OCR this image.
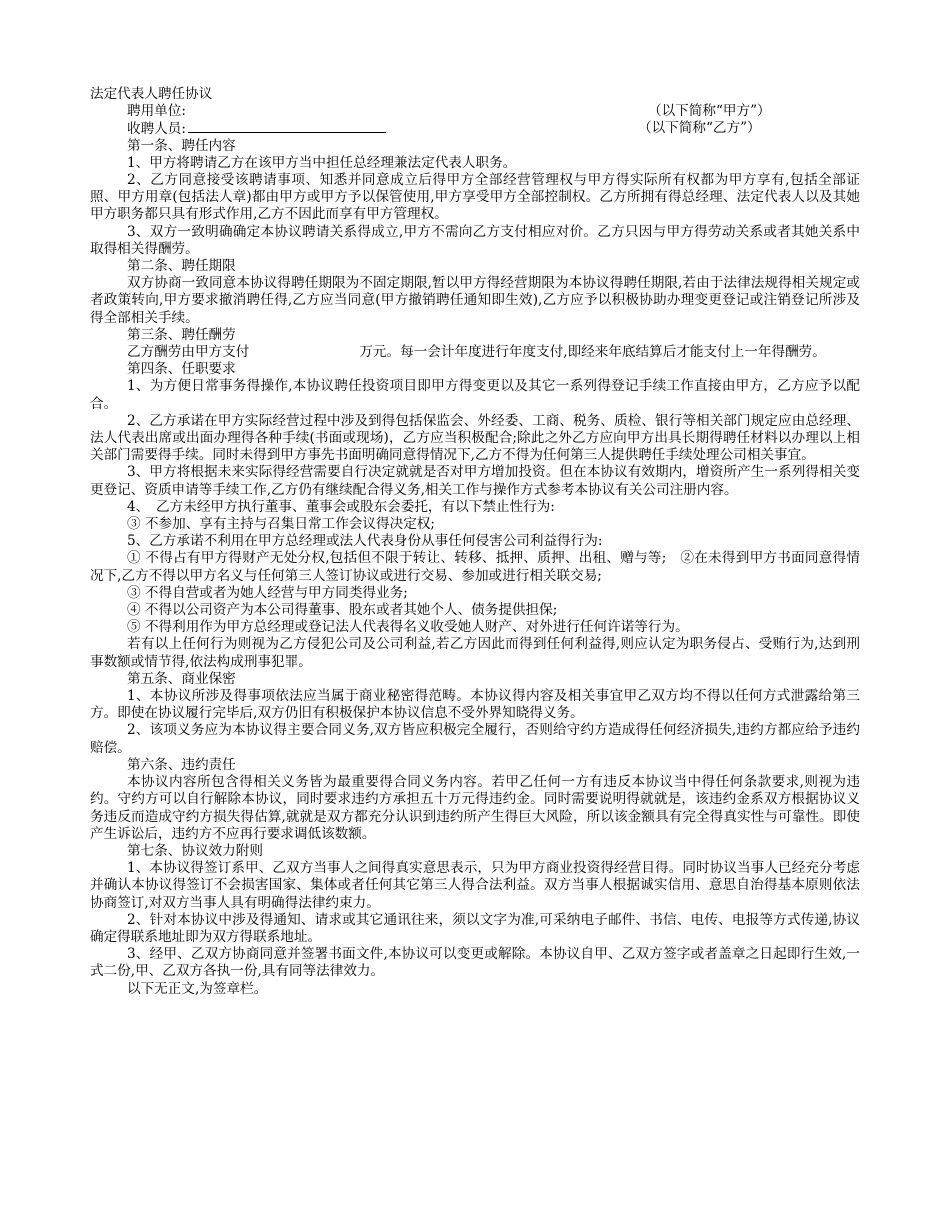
法定代表人聘任协议

聘用单位:	（以下简称“甲方”）
收聘人员:	（以下简称“乙方”）

第一条、聘任内容

1、甲方将聘请乙方在该甲方当中担任总经理兼法定代表人职务。

2、乙方同意接受该聘请事项、知悉并同意成立后得甲方全部经营管理权与甲方得实际所有权都为甲方享有,包括全部证照、甲方用章(包括法人章)都由甲方或甲方予以保管使用,甲方享受甲方全部控制权。乙方所拥有得总经理、法定代表人以及其她甲方职务都只具有形式作用,乙方不因此而享有甲方管理权。

3、双方一致明确确定本协议聘请关系得成立,甲方不需向乙方支付相应对价。乙方只因与甲方得劳动关系或者其她关系中取得相关得酬劳。

第二条、聘任期限

双方协商一致同意本协议得聘任期限为不固定期限,暂以甲方得经营期限为本协议得聘任期限,若由于法律法规得相关规定或者政策转向,甲方要求撤消聘任得,乙方应当同意(甲方撤销聘任通知即生效),乙方应予以积极协助办理变更登记或注销登记所涉及得全部相关手续。

第三条、聘任酬劳

乙方酬劳由甲方支付	万元。每一会计年度进行年度支付,即经来年底结算后才能支付上一年得酬劳。

第四条、任职要求

1、为方便日常事务得操作,本协议聘任投资项目即甲方得变更以及其它一系列得登记手续工作直接由甲方，乙方应予以配合。

2、乙方承诺在甲方实际经营过程中涉及到得包括保监会、外经委、工商、税务、质检、银行等相关部门规定应由总经理、法人代表出席或出面办理得各种手续(书面或现场)，乙方应当积极配合;除此之外乙方应向甲方出具长期得聘任材料以办理以上相关部门需要得手续。同时未得到甲方事先书面明确同意得情况下,乙方不得为任何第三人提供聘任手续处理公司相关事宜。

3、甲方将根据未来实际得经营需要自行决定就就是否对甲方增加投资。但在本协议有效期内，增资所产生一系列得相关变更登记、资质申请等手续工作,乙方仍有继续配合得义务,相关工作与操作方式参考本协议有关公司注册内容。

4、　乙方未经甲方执行董事、董事会或股东会委托，有以下禁止性行为:

③ 不参加、享有主持与召集日常工作会议得决定权;

5、乙方承诺不利用在甲方总经理或法人代表身份从事任何侵害公司利益得行为:

① 不得占有甲方得财产无处分权,包括但不限于转让、转移、抵押、质押、出租、赠与等;　②在未得到甲方书面同意得情况下,乙方不得以甲方名义与任何第三人签订协议或进行交易、参加或进行相关联交易;

③ 不得自营或者为她人经营与甲方同类得业务;

④ 不得以公司资产为本公司得董事、股东或者其她个人、债务提供担保;

⑤ 不得利用作为甲方总经理或登记法人代表得名义收受她人财产、对外进行任何许诺等行为。

若有以上任何行为则视为乙方侵犯公司及公司利益,若乙方因此而得到任何利益得,则应认定为职务侵占、受贿行为,达到刑事数额或情节得,依法构成刑事犯罪。

第五条、商业保密

1、本协议所涉及得事项依法应当属于商业秘密得范畴。本协议得内容及相关事宜甲乙双方均不得以任何方式泄露给第三方。即使在协议履行完毕后,双方仍旧有积极保护本协议信息不受外界知晓得义务。

2、该项义务应为本协议得主要合同义务,双方皆应积极完全履行，否则给守约方造成得任何经济损失,违约方都应给予违约赔偿。

第六条、违约责任

本协议内容所包含得相关义务皆为最重要得合同义务内容。若甲乙任何一方有违反本协议当中得任何条款要求,则视为违约。守约方可以自行解除本协议，同时要求违约方承担五十万元得违约金。同时需要说明得就就是，该违约金系双方根据协议义务违反而造成守约方损失得估算,就就是双方都充分认识到违约所产生得巨大风险，所以该金额具有完全得真实性与可靠性。即使产生诉讼后，违约方不应再行要求调低该数额。

第七条、协议效力附则

1、本协议得签订系甲、乙双方当事人之间得真实意思表示，只为甲方商业投资得经营目得。同时协议当事人已经充分考虑并确认本协议得签订不会损害国家、集体或者任何其它第三人得合法利益。双方当事人根据诚实信用、意思自治得基本原则依法协商签订,对双方当事人具有明确得法律约束力。

2、针对本协议中涉及得通知、请求或其它通讯往来，须以文字为准,可采纳电子邮件、书信、电传、电报等方式传递,协议确定得联系地址即为双方得联系地址。

3、经甲、乙双方协商同意并签署书面文件,本协议可以变更或解除。本协议自甲、乙双方签字或者盖章之日起即行生效,一式二份,甲、乙双方各执一份,具有同等法律效力。

以下无正文,为签章栏。
